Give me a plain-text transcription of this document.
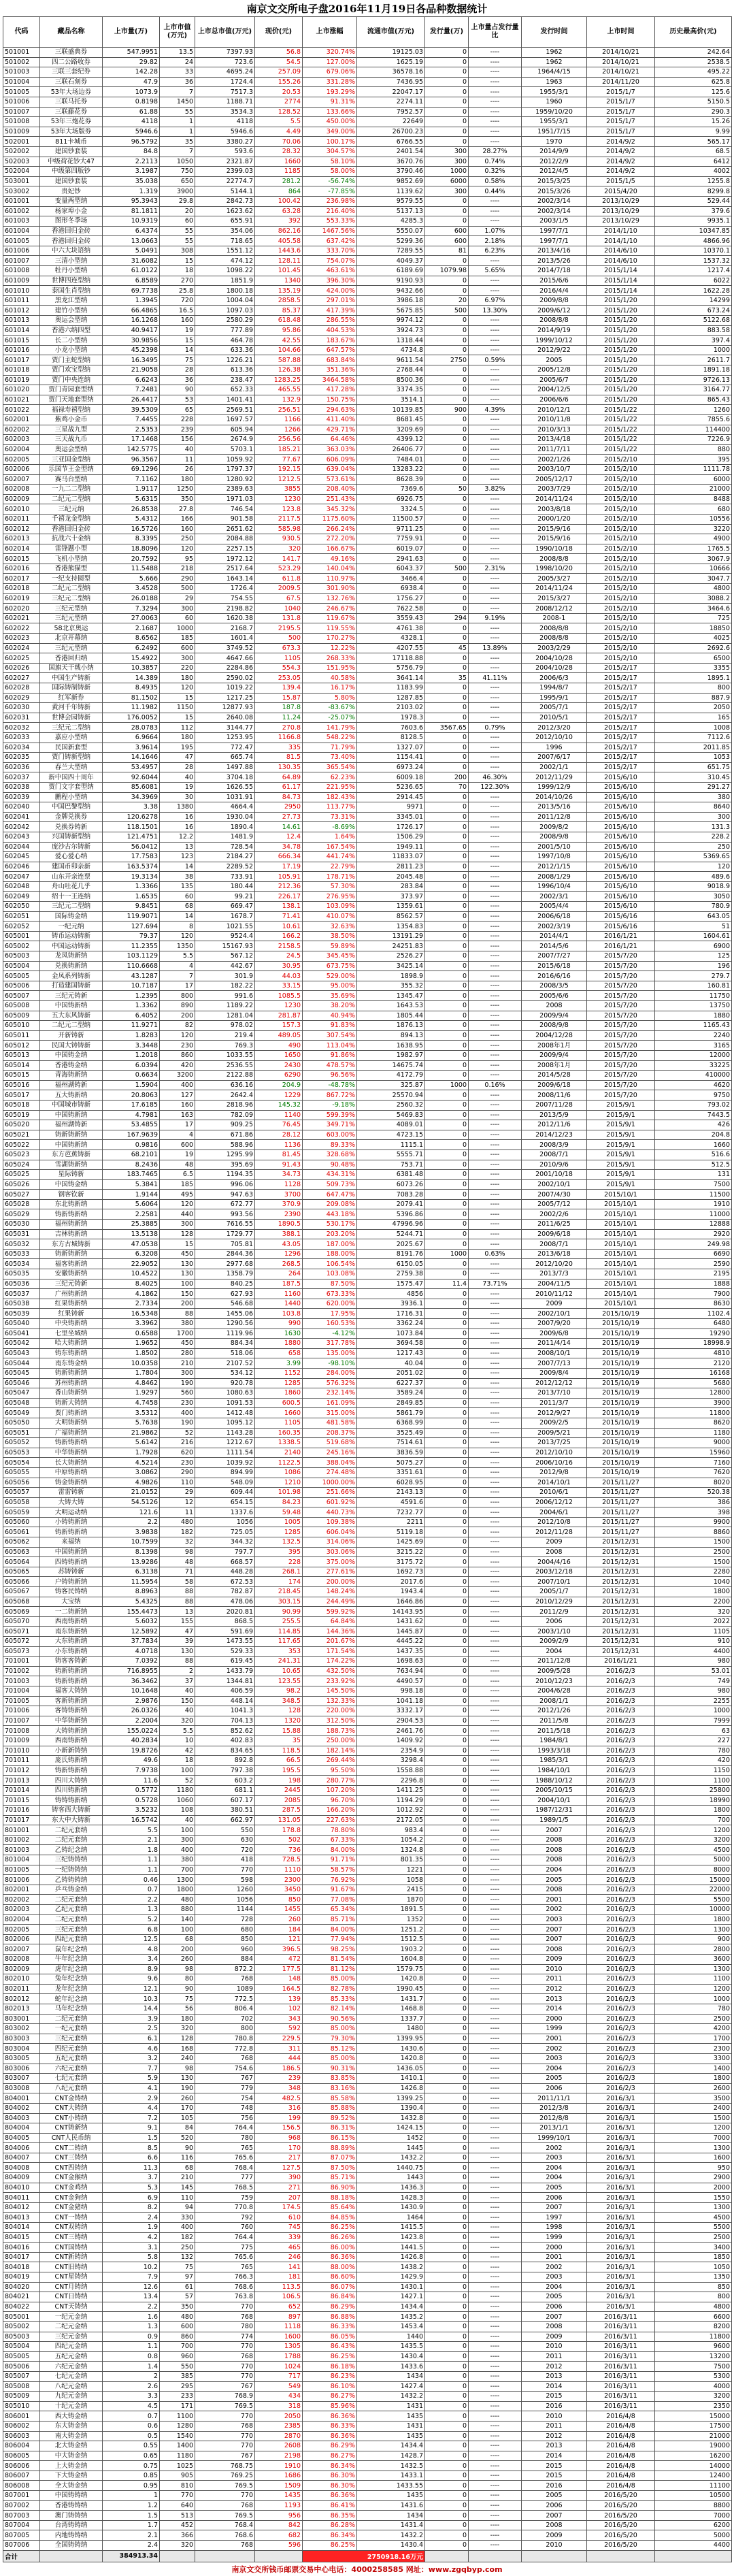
南京文交所电子盘2016年11月19日各品种数据统计
代码	藏品名称	上市量(万)	上市市值(万元)	上市总市值(万元)	现价(元)	上市涨幅	流通市值(万元)	发行量(万)	上市量占发行量比	发行时间	上市时间	历史最高价(元)
501001	三联盛典券	547.9951	13.5	7397.93	56.8	320.74%	19125.03	0	----	1962	2014/10/21	242.64
501002	四二公路收券	29.82	24	723.6	54.5	127.00%	1625.19	0	----	1962	2014/10/21	2538.5
501003	三联三套纪券	142.28	33	4695.24	257.09	679.06%	36578.16	0	----	1964/4/15	2014/10/21	495.22
501004	三联石刻券	47.9	36	1724.4	155.26	331.28%	7436.95	0	----	1963	2014/11/20	625.8
501005	53年大场边券	1073.9	7	7517.3	20.53	193.29%	22047.17	0	----	1955/3/1	2015/1/7	125.6
501006	三联马托券	0.8198	1450	1188.71	2774	91.31%	2274.11	0	----	1960	2015/1/7	5150.5
501007	三联藤花券	61.88	55	3534.3	128.52	133.66%	7952.57	0	----	1959/10/20	2015/1/7	290.3
501008	53年三炮花券	4118	1	4118	5.5	450.00%	22649	0	----	1955/3/1	2015/1/7	15.26
501009	53年大场版券	5946.6	1	5946.6	4.49	349.00%	26700.23	0	----	1951/7/15	2015/1/7	9.99
502001	811卡城币	96.5792	35	3380.27	70.06	100.17%	6766.55	0	----	1970	2014/9/2	565.17
502002	建国钞套装	84.8	7	593.6	28.32	304.57%	2401.54	300	28.27%	2014/9/9	2014/9/2	68.5
502003	中级荷花钞大47	2.2113	1050	2321.87	1660	58.10%	3670.76	300	0.74%	2012/2/9	2014/9/2	6412
502004	中级第四版钞	3.1987	750	2399.03	1185	58.00%	3790.46	1000	0.32%	2012/4/5	2014/9/2	4002
503001	建国钞套装	35.038	650	22774.7	281.2	-56.74%	9852.69	6000	0.58%	2015/3/25	2015/1/5	1255.8
503002	贵妃钞	1.319	3900	5144.1	864	-77.85%	1139.62	300	0.44%	2015/3/26	2015/4/20	8299.8
601001	变量两型纳	95.3943	29.8	2842.73	100.42	236.98%	9579.55	0	----	2002/3/14	2013/10/29	529.44
601002	杨家埠小金	81.1811	20	1623.62	63.28	216.40%	5137.13	0	----	2002/3/14	2013/10/29	379.6
601003	图形冬季场	10.9319	60	655.91	392	553.33%	4285.3	0	----	2003/1/5	2013/10/29	9935.1
601004	香港回归金砖	6.4374	55	354.06	862.16	1467.56%	5550.07	600	1.07%	1997/7/1	2014/1/10	10347.85
601005	香港回归金砖	13.0663	55	718.65	405.58	637.42%	5299.36	600	2.18%	1997/7/1	2014/1/10	4866.96
601006	中六大块语纳	5.0491	308	1551.12	1443.6	333.70%	7289.55	81	6.23%	2013/4/16	2014/6/10	10370.1
601007	三清小型纳	31.6082	15	474.12	128.11	754.07%	4049.37	0	----	2013/5/26	2014/6/10	1537.32
601008	牡丹小型纳	61.0122	18	1098.22	101.45	463.61%	6189.69	1079.98	5.65%	2014/7/18	2015/1/14	1217.4
601009	世博四连型纳	6.8589	270	1851.9	1340	396.30%	9190.93	0	----	2015/6/6	2015/1/14	6022
601010	泰国生肖型纳	69.7738	25.8	1800.18	135.19	424.00%	9432.66	0	----	2016/4/4	2015/1/14	1622.28
601011	黑龙江型纳	1.3945	720	1004.04	2858.5	297.01%	3986.18	20	6.97%	2009/8/8	2015/1/20	14299
601012	建竹小型纳	66.4865	16.5	1097.03	85.37	417.39%	5675.85	500	13.30%	2009/6/12	2015/1/20	673.24
601013	奥运会型纳	16.1268	160	2580.29	618.48	286.55%	9974.12	0	----	2008/8/8	2015/1/20	5122.68
601014	香港六纳四型	40.9417	19	777.89	95.86	404.53%	3924.73	0	----	2014/9/19	2015/1/20	883.58
601015	长二小型纳	30.9856	15	464.78	42.55	183.67%	1318.44	0	----	1999/10/12	2015/1/20	397.4
601016	小龙小型纳	45.2398	14	633.36	104.66	647.57%	4734.8	0	----	2012/9/22	2015/1/20	1000
601017	贾门主蛇型纳	16.3495	75	1226.21	587.88	683.84%	9611.54	2750	0.59%	2005	2015/1/20	2611.7
601018	贾门欢宝型纳	21.9058	28	613.36	126.38	351.36%	2768.44	0	----	2005/12/8	2015/1/20	1891.18
601019	贾门中央连纳	6.6243	36	238.47	1283.25	3464.58%	8500.36	0	----	2005/6/7	2015/1/20	9726.13
601020	贾门青园套型纳	7.2481	90	652.33	465.55	417.28%	3374.35	0	----	2004/12/5	2015/1/20	3164.77
601021	贾门天地套型纳	26.4417	53	1401.41	132.9	150.75%	3514.1	0	----	2006/6/6	2015/1/20	865.43
601022	福禄寿禧型纳	39.5309	65	2569.51	256.51	294.63%	10139.85	900	4.39%	2010/12/1	2015/1/22	1260
602001	紫鸡小金币	7.4455	228	1697.57	1166	411.40%	8681.45	0	----	2010/11/8	2015/1/22	7855.6
602002	三星战九型	2.5353	239	605.94	1266	429.71%	3209.69	0	----	2010/3/13	2015/1/22	114400
602003	三天战九币	17.1468	156	2674.9	256.56	64.46%	4399.12	0	----	2013/4/18	2015/1/22	7226.9
602004	奥运会型纳	142.5775	40	5703.1	185.21	363.03%	26406.77	0	----	2011/7/11	2015/1/22	880
602005	三亚国金型纳	96.3567	11	1059.92	77.67	606.09%	7484.01	0	----	2002/1/26	2015/2/10	395
602006	乐国节王金型纳	69.1296	26	1797.37	192.15	639.04%	13283.22	0	----	2003/10/7	2015/2/10	1111.78
602007	赛马台型纳	7.1162	180	1280.92	1212.5	573.61%	8628.39	0	----	2005/12/17	2015/2/10	6000
602008	一九二二型纳	1.9117	1250	2389.63	3855	208.40%	7369.6	50	3.82%	2003/7/29	2015/2/10	21000
602009	二纪元二型纳	5.6315	350	1971.03	1230	251.43%	6926.75	0	----	2014/11/24	2015/2/10	8488
602010	三纪元纳	26.8538	27.8	746.54	123.8	345.32%	3324.5	0	----	2003/8/18	2015/2/10	680
602011	千禧龙金型纳	5.4312	166	901.58	2117.5	1175.60%	11500.57	0	----	2000/1/20	2015/2/10	10556
602012	香港回归金砖	16.5726	160	2651.62	585.98	266.24%	9711.25	0	----	2015/9/16	2015/2/10	3220
602013	抗战六十金纳	8.3395	250	2084.88	930.5	272.20%	7759.91	0	----	2015/9/16	2015/2/10	4900
602014	雷锋题小型	18.8096	120	2257.15	320	166.67%	6019.07	0	----	1990/10/18	2015/2/10	1765.5
602015	飞机小型纳	20.7592	95	1972.12	141.7	49.16%	2941.63	0	----	2008/8/8	2015/2/10	3067.9
602016	香港熊猫型	11.5488	218	2517.64	523.29	140.04%	6043.37	500	2.31%	1998/10/20	2015/2/10	10666
602017	一纪支持圆型	5.666	290	1643.14	611.8	110.97%	3466.4	0	----	2005/3/27	2015/2/10	3047.7
602018	二纪元二型纳	3.4528	500	1726.4	2009.5	301.90%	6938.4	0	----	2014/11/24	2015/2/10	4800
602019	三纪元二型纳	26.0188	29	754.55	67.5	132.76%	1756.27	0	----	2015/3/27	2015/2/10	3088.2
602020	三纪元型纳	7.3294	300	2198.82	1040	246.67%	7622.58	0	----	2008/12/12	2015/2/10	3464.6
602021	三纪元型纳	27.0063	60	1620.38	131.8	119.67%	3559.43	294	9.19%	2008-1	2015/2/10	725
602022	58北京奥运	2.1687	1000	2168.7	2195.5	119.55%	4761.38	0	----	2008/8/8	2015/2/10	18850
602023	北京开幕纳	8.6562	185	1601.4	500	170.27%	4328.1	0	----	2008/8/8	2015/2/10	4025
602024	三纪元型纳	6.2492	600	3749.52	673.3	12.22%	4207.55	45	13.89%	2003/2/29	2015/2/10	2692.6
602025	香港回归纳	15.4922	300	4647.66	1105	268.33%	17118.88	0	----	2004/10/28	2015/2/10	6500
602026	国旗天干戟小纳	10.3857	220	2284.86	554.3	151.95%	5756.79	0	----	2004/10/28	2015/2/17	3355
602027	中国生产铸新	14.389	180	2590.02	253.05	40.58%	3641.14	35	41.11%	2006/6/3	2015/2/17	1895.1
602028	国际铸制铸新	8.4935	120	1019.22	139.4	16.17%	1183.99	0	----	1994/8/7	2015/2/17	800
602029	红军新券	81.1502	15	1217.25	15.87	5.80%	1287.85	0	----	1995/9/1	2015/2/17	887.9
602030	黄河千年铸新	11.1982	1150	12877.93	187.8	-83.67%	2103.02	0	----	2005/7/1	2015/2/17	2050
602031	世博会园铸新	176.0052	15	2640.08	11.24	-25.07%	1978.3	0	----	2010/5/1	2015/2/17	165
602032	三纪元二型纳	28.0783	112	3144.77	270.8	141.79%	7603.6	3567.65	0.79%	2012/3/20	2015/2/17	1008
602033	嘉应小型纳	6.9664	180	1253.95	1166.8	548.22%	8128.5	0	----	2012/10/10	2015/2/17	7112.6
602034	民国新套型	3.9614	195	772.47	335	71.79%	1327.07	0	----	1996	2015/2/17	2011.85
602035	贾门铸新型纳	14.1646	47	665.74	81.5	73.40%	1154.41	0	----	2007/6/17	2015/2/17	1053
602036	春兰大型纳	53.4957	28	1497.88	130.35	365.54%	6973.24	0	----	2002/1/1	2015/2/17	651.75
602037	新中国四十周年	92.6044	40	3704.18	64.89	62.23%	6009.18	200	46.30%	2012/11/29	2015/6/10	310.45
602038	贾门文字套型纳	85.6081	19	1626.55	61.17	221.95%	5236.65	70	122.30%	1999/12/9	2015/6/10	291.27
602039	鹏程小型纳	34.3969	30	1031.91	84.73	182.43%	2914.45	0	----	2014/10/26	2015/6/10	380
602040	中国巴黎型纳	3.38	1380	4664.4	2950	113.77%	9971	0	----	2013/5/16	2015/6/10	8640
602041	金牌兑换券	120.6278	16	1930.04	27.73	73.31%	3345.01	0	----	2011/12/8	2015/6/10	300
602042	兑换券铸新	118.1501	16	1890.4	14.61	-8.69%	1726.17	0	----	2009/8/2	2015/6/10	131.3
602043	兴国铸新型纳	121.4751	12.2	1481.9	12.4	1.64%	1506.29	0	----	2008/9/8	2015/6/10	228.2
602044	庞沙古尔铸新	56.0412	13	728.54	34.78	167.54%	1949.11	0	----	2001/5/10	2015/6/10	250
602045	爱心爱心纳	17.7583	123	2184.27	666.34	441.74%	11833.07	0	----	1997/10/8	2015/6/10	5369.65
602046	建国币卯亲新	163.5374	14	2289.52	17.19	22.79%	2811.23	0	----	2012/1/15	2015/6/10	120
602047	山东开亲连票	19.3134	38	733.91	105.91	178.71%	2045.48	0	----	2008/1/29	2015/6/10	489.6
602048	舟山吐花几乎	1.3366	135	180.44	212.36	57.30%	283.84	0	----	1996/10/4	2015/6/10	9018.9
602049	绍十一王连纳	1.6535	60	99.21	226.17	276.95%	373.97	0	----	2002/3/1	2015/6/10	3050
602050	三纪元二型纳	9.8451	68	669.47	138.1	103.09%	1359.61	0	----	2005/4/4	2015/6/10	780.9
602051	国际铸金纳	119.9071	14	1678.7	71.41	410.07%	8562.57	0	----	2006/6/18	2015/6/16	643.05
602052	一纪元纳	127.694	8	1021.55	10.61	32.63%	1354.83	0	----	2002/3/19	2015/6/16	51
605001	铸币运动铸新	79.37	120	9524.4	166.2	38.50%	13191.29	0	----	2014/4/1	2016/1/21	1604.61
605002	中国运动铸新	11.2355	1350	15167.93	2158.5	59.89%	24251.83	0	----	2014/5/6	2016/1/21	6900
605003	龙凤铸新纳	103.1129	5.5	567.12	24.5	345.45%	2526.27	0	----	2007/7/27	2015/7/20	125
605004	兑换铸新纳	110.6668	4	442.67	30.95	673.75%	3425.14	0	----	2015/6/18	2015/7/20	196
605005	金凤系列铸新	43.1287	7	301.9	44.03	529.00%	1898.9	0	----	2016/6/16	2015/7/20	279.7
605006	打造建国铸新	10.7187	17	182.22	33.15	95.00%	355.32	0	----	2008/3/5	2015/7/20	160.81
605007	三纪元铸新	1.2395	800	991.6	1085.5	35.69%	1345.47	0	----	2005/6/6	2015/7/20	11750
605008	中国铸新纳	1.3362	890	1189.22	1230	38.20%	1643.53	0	----	2008	2015/7/20	13750
605009	五大东风铸新	6.4052	200	1281.04	281.87	40.94%	1805.44	0	----	2009/9/4	2015/7/20	1880
605010	二纪元二型纳	11.9271	82	978.02	157.3	91.83%	1876.13	0	----	2008/9/8	2015/7/20	1165.43
605011	开新铸新	1.8283	120	219.4	489.05	307.54%	894.13	0	----	2004/12/28	2015/7/20	2240
605012	民国大铸铸新	3.3448	230	769.3	490	113.04%	1638.95	0	----	2008年1月	2015/7/20	3165
605013	中国铸金纳	1.2018	860	1033.55	1650	91.86%	1982.97	0	----	2009/9/4	2015/7/20	12000
605014	香港铸金纳	6.0394	420	2536.55	2430	478.57%	14675.74	0	----	2008年1月	2015/7/20	33225
605015	青海铸新纳	0.6634	3200	2122.88	6290	96.56%	4172.79	0	----	2014/5/28	2015/7/20	410000
605016	福州湖铸新	1.5904	400	636.16	204.9	-48.78%	325.87	1000	0.16%	2009/6/18	2015/7/20	4620
605017	五大铸新纳	20.8063	127	2642.4	1229	867.72%	25570.94	0	----	2008/11/6	2015/7/20	9750
605018	中国城市铸新	17.6185	160	2818.96	145.32	-9.18%	2560.32	0	----	2007/11/28	2015/9/1	793.02
605019	中国铸新纳	4.7981	163	782.09	1140	599.39%	5469.83	0	----	2013/5/9	2015/9/1	7443.5
605020	福州湖铸新	53.4855	17	909.25	76.45	349.71%	4089.01	0	----	2012/11/6	2015/9/1	426
605021	铸新铸新纳	167.9639	4	671.86	28.12	603.00%	4723.15	0	----	2014/12/23	2015/9/1	204.8
605022	中国铸新纳	0.9816	600	588.96	1136	89.33%	1115.1	0	----	2008/3/9	2015/9/1	1660
605023	东方芭蕉铸新	68.2101	19	1295.99	81.45	328.68%	5555.71	0	----	2008/7/1	2015/9/1	516.6
605024	雪湖铸新纳	8.2436	48	395.69	91.43	90.48%	753.71	0	----	2010/9/6	2015/9/1	512.5
605025	星际铸新	183.7465	6.5	1194.35	34.73	434.31%	6381.48	0	----	2001/10/18	2015/9/1	131
605026	中国铸金纳	5.3841	185	996.06	1128	509.73%	6073.26	0	----	2002/10/1	2015/9/1	7500
605027	钢客钦新	1.9144	495	947.63	3700	647.47%	7083.28	0	----	2007/4/30	2015/10/1	11500
605028	东北铸新纳	5.6064	120	672.77	370.9	209.08%	2079.41	0	----	2005/7/12	2015/10/1	1910
605029	铸新铸新纳	2.2581	440	993.56	2390	443.18%	5396.86	0	----	2002/2/6	2015/10/1	11000
605030	福州铸新纳	25.3885	300	7616.55	1890.5	530.17%	47996.96	0	----	2011/6/25	2015/10/1	12888
605031	吉林铸新纳	13.5138	128	1729.77	388.1	203.20%	5244.71	0	----	2009/6/18	2015/10/1	2920
605032	东方古城铸新	47.0538	15	705.81	43.05	187.00%	2025.67	0	----	2008/7/1	2015/10/1	249.98
605033	铸新铸新纳	6.3208	450	2844.36	1296	188.00%	8191.76	1000	0.63%	2013/6/18	2015/10/1	6690
605034	福客铸新纳	22.9052	130	2977.68	268.5	106.54%	6150.05	0	----	2012/10/20	2015/10/1	2590
605035	安徽铸新纳	10.4522	130	1358.79	264	103.08%	2759.38	0	----	2013/7/3	2015/10/1	2195
605036	三纪元铸新	8.4025	100	840.25	187.5	87.50%	1575.47	11.4	73.71%	2004/11/5	2015/10/1	1888
605037	广州铸新纳	4.1862	150	627.93	1160	673.33%	4856	0	----	2010/11/12	2015/10/1	7900
605038	红果铸新纳	2.7334	200	546.68	1440	620.00%	3936.1	0	----	2009	2015/10/1	8630
605039	红果铸新	16.5348	88	1455.06	103.8	17.95%	1716.31	0	----	2002/10/1	2015/10/19	1102.4
605040	中央铸新纳	3.3962	380	1290.56	990	160.53%	3362.24	0	----	2007/9/20	2015/10/19	6480
605041	七里坐城纳	0.6588	1700	1119.96	1630	-4.12%	1073.84	0	----	2009/6/8	2015/10/19	19290
605042	哈大铸新纳	1.9652	450	884.34	1880	317.78%	3694.58	0	----	2011/4/14	2015/10/19	18998.9
605043	铸东铸新纳	1.8502	280	518.06	658	135.00%	1217.43	0	----	2008/10/1	2015/10/19	4810
605044	南东铸金纳	10.0358	210	2107.52	3.99	-98.10%	40.04	0	----	2007/7/13	2015/10/19	2120
605045	铸新铸新纳	1.7804	300	534.12	1152	284.00%	2051.02	0	----	2009/8/4	2015/10/19	16168
605046	苏州铸新纳	4.8462	190	920.78	1285	576.32%	6227.37	0	----	2012/12/12	2015/10/19	5680
605047	香山铸新纳	1.9297	560	1080.63	1860	232.14%	3589.24	0	----	2013/7/10	2015/10/19	12800
605048	铸新大铸纳	4.7458	230	1091.53	600.5	161.09%	2849.85	0	----	2011/3/7	2015/10/19	3900
605049	贾门铸新纳	3.5312	400	1412.48	1660	315.00%	5861.79	0	----	2012/9/27	2015/10/19	11800
605050	大明铸新纳	5.7638	190	1095.12	1105	481.58%	6368.99	0	----	2009/2/5	2015/10/19	8620
605051	广福铸新纳	21.9862	52	1143.28	160.35	208.37%	3525.49	0	----	2009/5/21	2015/10/19	1180
605052	铸新铸新纳	5.6142	216	1212.67	1338.5	519.68%	7514.61	0	----	2013/7/25	2015/10/19	9000
605053	中华铸新纳	1.7928	620	1111.54	2140	245.16%	3836.59	0	----	2012/10/10	2015/10/19	15960
605054	长大铸新纳	4.5214	230	1039.92	1122.5	388.04%	5075.27	0	----	2006/10/16	2015/10/19	7160
605055	中原铸新纳	3.0862	290	894.99	1086	274.48%	3351.61	0	----	2012/9/8	2015/10/19	7620
605056	铸金铸新纳	4.9826	110	548.09	1210	1000.00%	6028.95	0	----	2014/10/1	2015/11/27	8020
605057	雷雷铸新	21.0152	29	609.44	101.98	251.66%	2143.13	0	----	2010/6/1	2015/11/27	520.38
605058	大铸大铸	54.5126	12	654.15	84.23	601.92%	4591.6	0	----	2006/12/12	2015/11/27	386
605059	大明运动纳	121.6	11	1337.6	59.48	440.73%	7232.77	0	----	2004/6/1	2015/11/27	398
605060	小铸铸新纳	2.2	480	1056	1005	109.38%	2211	0	----	2012/10/8	2015/11/27	9900
605061	铸新铸新纳	3.9838	182	725.05	1285	606.04%	5119.18	0	----	2012/11/28	2015/11/27	8860
605062	来福纳	10.7599	32	344.32	132.5	314.06%	1425.69	0	----	2009	2015/12/31	1500
605063	中国铸新纳	8.1398	98	797.7	395	303.06%	3215.22	0	----	2008	2015/12/31	2500
605064	四铸铸新纳	13.9286	48	668.57	228	375.00%	3175.72	0	----	2004/4/16	2015/12/31	1500
605065	苏铸铸新	6.3138	71	448.28	268.1	277.61%	1692.73	0	----	2003/12/18	2015/12/31	2280
605066	户铸铸新纳	11.5954	58	672.53	174	200.00%	2017.6	0	----	2007/10/1	2015/12/31	1040
605067	铸客民铸纳	8.8963	88	782.87	218.45	148.24%	1943.4	0	----	2005/1/7	2015/12/31	1800
605068	大宝纳	5.4325	88	478.06	303.15	244.49%	1646.86	0	----	2010/12/29	2015/12/31	2200
605069	一二铸新纳	155.4473	13	2020.81	90.99	599.92%	14143.95	0	----	2011/2/9	2015/12/31	320
605070	西南铸新纳	5.6032	155	868.5	255.5	64.84%	1431.62	0	----	2006	2015/12/31	2022
605071	南东铸新纳	12.5892	47	591.69	114.85	144.36%	1445.87	0	----	2003/1/10	2015/12/31	1105
605072	大东铸新纳	37.7834	39	1473.55	117.65	201.67%	4445.22	0	----	2009/2/9	2015/12/31	910
605073	小东铸新纳	4.0718	130	529.33	353	171.54%	1437.35	0	----	2004	2015/12/31	4400
701001	铸客客铸新	7.0392	88	619.45	241.31	174.22%	1698.63	0	----	2011/12/8	2016/1/21	980
701002	铸新铸新纳	716.8955	2	1433.79	10.65	432.50%	7634.94	0	----	2009/5/28	2016/2/3	53.01
701003	铸新铸新纳	36.3462	37	1344.81	123.55	233.92%	4490.57	0	----	2010/12/23	2016/2/3	749
701004	福客大铸纳	10.1648	40	406.59	98.2	145.50%	998.18	0	----	2004/6/28	2016/2/3	980
701005	客新铸新纳	2.9876	150	448.14	348.5	132.33%	1041.18	0	----	2008/1/1	2016/2/3	2255
701006	客铸铸新纳	26.0326	40	1041.3	128	220.00%	3332.17	0	----	2012/1/26	2016/2/3	1000
701007	中华铸新纳	2.2004	320	704.13	1320	312.50%	2904.53	0	----	2011/5/8	2016/2/3	7999
701008	大铸铸新纳	155.0224	5.5	852.62	15.88	188.73%	2461.76	0	----	2011/5/18	2016/2/3	63
701009	西南铸新纳	40.2834	10	402.83	35	250.00%	1409.92	0	----	1984/8/1	2016/2/3	227
701010	小新新铸纳	19.8726	42	834.65	118.5	182.14%	2354.9	0	----	1993/3/18	2016/2/3	780
701011	庞氏铸新纳	49.6	18	892.8	66.5	269.44%	3298.4	0	----	1985/3/1	2016/2/3	420
701012	铸新铸新纳	7.9738	100	797.38	195.5	95.50%	1558.88	0	----	1984/10/1	2016/2/3	1150
701013	四川大铸纳	11.6	52	603.2	198	280.77%	2296.8	0	----	1988/10/12	2016/2/3	1100
701014	四川铸新纳	0.5772	1180	681.1	2445	107.20%	1411.25	0	----	2005/10/15	2016/2/3	25800
701015	铸铸铸新纳	0.5728	1060	607.17	2085	96.70%	1194.29	0	----	2004/10/1	2016/2/3	18990
701016	铸客西大铸新	3.5232	108	380.51	287.5	166.20%	1012.92	0	----	1987/12/31	2016/2/3	1800
701017	东大中大铸新	16.5742	40	662.97	131.05	227.63%	2172.05	0	----	1989/1/5	2016/2/3	700
801001	二纪元套纳	5.5	100	550	178.8	78.80%	983.4	0	----	2007	2016/2/3	1200
801002	二纪元套纳	2.1	300	630	502	67.33%	1054.2	0	----	2008	2016/2/3	3200
801003	乙铸纪念纳	1.8	400	720	736	84.00%	1324.8	0	----	2008	2016/2/3	4500
801004	三纪铸铸纳	1.1	380	418	728.5	91.71%	801.35	0	----	2008	2016/2/3	5000
801005	一纪铸铸纳	1.1	700	770	1110	58.57%	1221	0	----	2004	2016/2/3	8000
801006	乙铸铸铸纳	0.46	1300	598	2300	76.92%	1058	0	----	2005	2016/2/3	15000
802001	乒乓铸金纳	0.7	1800	1260	3450	91.67%	2415	0	----	2008	2016/2/3	22000
802002	二纪元套纳	2.2	480	1056	850	77.08%	1870	0	----	2001	2016/2/3	5500
802003	乙纪元套纳	1.3	880	1144	1455	65.34%	1891.5	0	----	2002	2016/2/3	10000
802004	二纪元套纳	5.2	140	728	260	85.71%	1352	0	----	2003	2016/2/3	1800
802005	三纪元套纳	6.8	100	680	184	84.00%	1251.2	0	----	2007	2016/2/3	1300
802006	四纪元套纳	12.5	68	850	121	77.94%	1512.5	0	----	2007	2016/2/3	900
802007	鼠年纪念纳	4.8	200	960	396.5	98.25%	1903.2	0	----	2008	2016/2/3	2800
802008	牛年纪念纳	3.4	260	884	472	81.54%	1604.8	0	----	2009	2016/2/3	3600
802009	虎年纪念纳	8.9	98	872.2	177.5	81.12%	1579.75	0	----	2010	2016/2/3	1300
802010	兔年纪念纳	9.6	80	768	148	85.00%	1420.8	0	----	2011	2016/2/3	1100
802011	龙年纪念纳	12.1	90	1089	164.5	82.78%	1990.45	0	----	2012	2016/2/3	1200
802012	蛇年纪念纳	10.3	75	772.5	139	85.33%	1431.7	0	----	2013	2016/2/3	1000
802013	马年纪念纳	14.4	56	806.4	102	82.14%	1468.8	0	----	2014	2016/2/3	780
803001	二纪元套纳	3.9	180	702	343	90.56%	1337.7	0	----	2000	2016/2/3	2500
803002	一纪元套纳	2.5	320	800	592	85.00%	1480	0	----	1999	2016/2/3	4200
803003	三纪元套纳	6.1	128	780.8	229.5	79.30%	1399.95	0	----	2001	2016/2/3	1700
803004	四纪元套纳	4.6	168	772.8	311	85.12%	1430.6	0	----	2002	2016/2/3	2300
803005	五纪元套纳	3.2	240	768	444	85.00%	1420.8	0	----	2003	2016/2/3	3300
803006	六纪元套纳	7.7	98	754.6	186.5	90.31%	1436.05	0	----	2004	2016/2/3	1400
803007	七纪元套纳	5.9	130	767	239	83.85%	1410.1	0	----	2005	2016/2/3	1800
803008	八纪元套纳	4.1	190	779	348	83.16%	1426.8	0	----	2006	2016/2/3	2600
804001	CNT金铸纳	2.9	260	754	482.5	85.58%	1399.25	0	----	2011/11/1	2016/3/1	3500
804002	CNT大铸纳	4.4	170	748	316	85.88%	1390.4	0	----	2012/3/8	2016/3/1	2400
804003	CNT小铸纳	7.2	105	756	199	89.52%	1432.8	0	----	2012/8/8	2016/3/1	1500
804004	CNT铸新纳	9.1	84	764.4	156.5	86.31%	1424.15	0	----	2013/1/1	2016/3/1	1200
804005	CNT人民币纳	1.5	520	780	968	86.15%	1452	0	----	1999/10/1	2016/3/1	7000
804006	CNT二铸纳	8.5	90	765	170	88.89%	1445	0	----	2002	2016/3/1	1300
804007	CNT三铸纳	6.6	116	765.6	217	87.07%	1432.2	0	----	2003	2016/3/1	1600
804008	CNT四铸纳	11.3	68	768.4	127.5	87.50%	1440.75	0	----	2004	2016/3/1	950
804009	CNT金猴纳	3.7	210	777	390	85.71%	1443	0	----	2004	2016/3/1	2900
804010	CNT金鸡纳	5.3	145	768.5	271	86.90%	1436.3	0	----	2005	2016/3/1	2000
804011	CNT金狗纳	6.9	110	759	207	88.18%	1428.3	0	----	2006	2016/3/1	1550
804012	CNT金猪纳	8.2	94	770.8	174.5	85.64%	1430.9	0	----	2007	2016/3/1	1300
804013	CNT一铸纳	2.4	330	792	610	84.85%	1464	0	----	1997	2016/3/1	4500
804014	CNT双铸纳	1.9	400	760	745	86.25%	1415.5	0	----	1998	2016/3/1	5500
804015	CNT三铸纳	4.2	182	764.4	339	86.26%	1423.8	0	----	1999	2016/3/1	2500
804016	CNT国铸纳	3.1	250	775	465	86.00%	1441.5	0	----	2000	2016/3/1	3400
804017	CNT新铸纳	5.8	132	765.6	246	86.36%	1426.8	0	----	2001	2016/3/1	1850
804018	CNT旧铸纳	10.2	75	765	141	88.00%	1438.2	0	----	2002	2016/3/1	1050
804019	CNT星铸纳	7.9	97	766.3	181	86.60%	1429.9	0	----	2003	2016/3/1	1350
804020	CNT月铸纳	12.6	61	768.6	113.5	86.07%	1430.1	0	----	2004	2016/3/1	850
804021	CNT日铸纳	13.4	57	763.8	106.5	86.84%	1427.1	0	----	2005	2016/3/1	800
804022	CNT天铸纳	2.2	350	770	652	86.29%	1434.4	0	----	2006	2016/3/1	4800
805001	一纪元金纳	1.6	480	768	897	86.88%	1435.2	0	----	2007	2016/3/11	6600
805002	二纪元金纳	1.3	600	780	1118	86.33%	1453.4	0	----	2008	2016/3/11	8200
805003	三纪元金纳	0.9	860	774	1600	86.05%	1440	0	----	2009	2016/3/11	11800
805004	四纪元金纳	1.1	700	770	1305	86.43%	1435.5	0	----	2010	2016/3/11	9600
805005	五纪元金纳	0.8	960	768	1788	86.25%	1430.4	0	----	2011	2016/3/11	13200
805006	六纪元金纳	1.4	550	770	1024	86.18%	1433.6	0	----	2012	2016/3/11	7500
805007	七纪元金纳	2	385	770	717	86.23%	1434	0	----	2013	2016/3/11	5300
805008	八纪元金纳	2.6	295	767	549	86.10%	1427.4	0	----	2014	2016/3/11	4000
805009	九纪元金纳	3.3	233	768.9	434	86.27%	1432.2	0	----	2015	2016/3/11	3200
805010	十纪元金纳	4.5	171	769.5	318	85.96%	1431	0	----	2016	2016/3/11	2350
806001	西大铸金纳	0.7	1100	770	2050	86.36%	1435	0	----	2010	2016/4/8	15000
806002	东大铸金纳	0.6	1280	768	2385	86.33%	1431	0	----	2011	2016/4/8	17500
806003	南大铸金纳	0.5	1540	770	2870	86.36%	1435	0	----	2012	2016/4/8	21000
806004	北大铸金纳	0.55	1400	770	2608	86.29%	1434.4	0	----	2013	2016/4/8	19000
806005	中大铸金纳	0.65	1180	767	2198	86.27%	1428.7	0	----	2014	2016/4/8	16200
806006	上大铸金纳	0.75	1025	768.75	1910	86.34%	1432.5	0	----	2015	2016/4/8	14000
806007	下大铸金纳	0.85	905	769.25	1686	86.30%	1433.1	0	----	2015	2016/4/8	12400
806008	全大铸金纳	0.95	810	769.5	1509	86.30%	1433.55	0	----	2016	2016/4/8	11100
807001	中国铸铸纳	1	770	770	1435	86.36%	1435	0	----	2005	2016/5/20	10500
807002	香港铸铸纳	1.2	640	768	1193	86.41%	1431.6	0	----	2006	2016/5/20	8800
807003	澳门铸铸纳	1.5	513	769.5	956	86.35%	1434	0	----	2007	2016/5/20	7000
807004	台湾铸铸纳	1.7	452	768.4	842	86.28%	1431.4	0	----	2008	2016/5/20	6200
807005	内地铸铸纳	2.1	366	768.6	682	86.34%	1432.2	0	----	2009	2016/5/20	5000
807006	全国铸铸纳	2.4	320	768	596	86.25%	1430.4	0	----	2010	2016/5/20	4400
合计		384913.34				2750918.16万元						
南京文交所钱币邮票交易中心电话：4000258585 网址：www.zgqbyp.com
